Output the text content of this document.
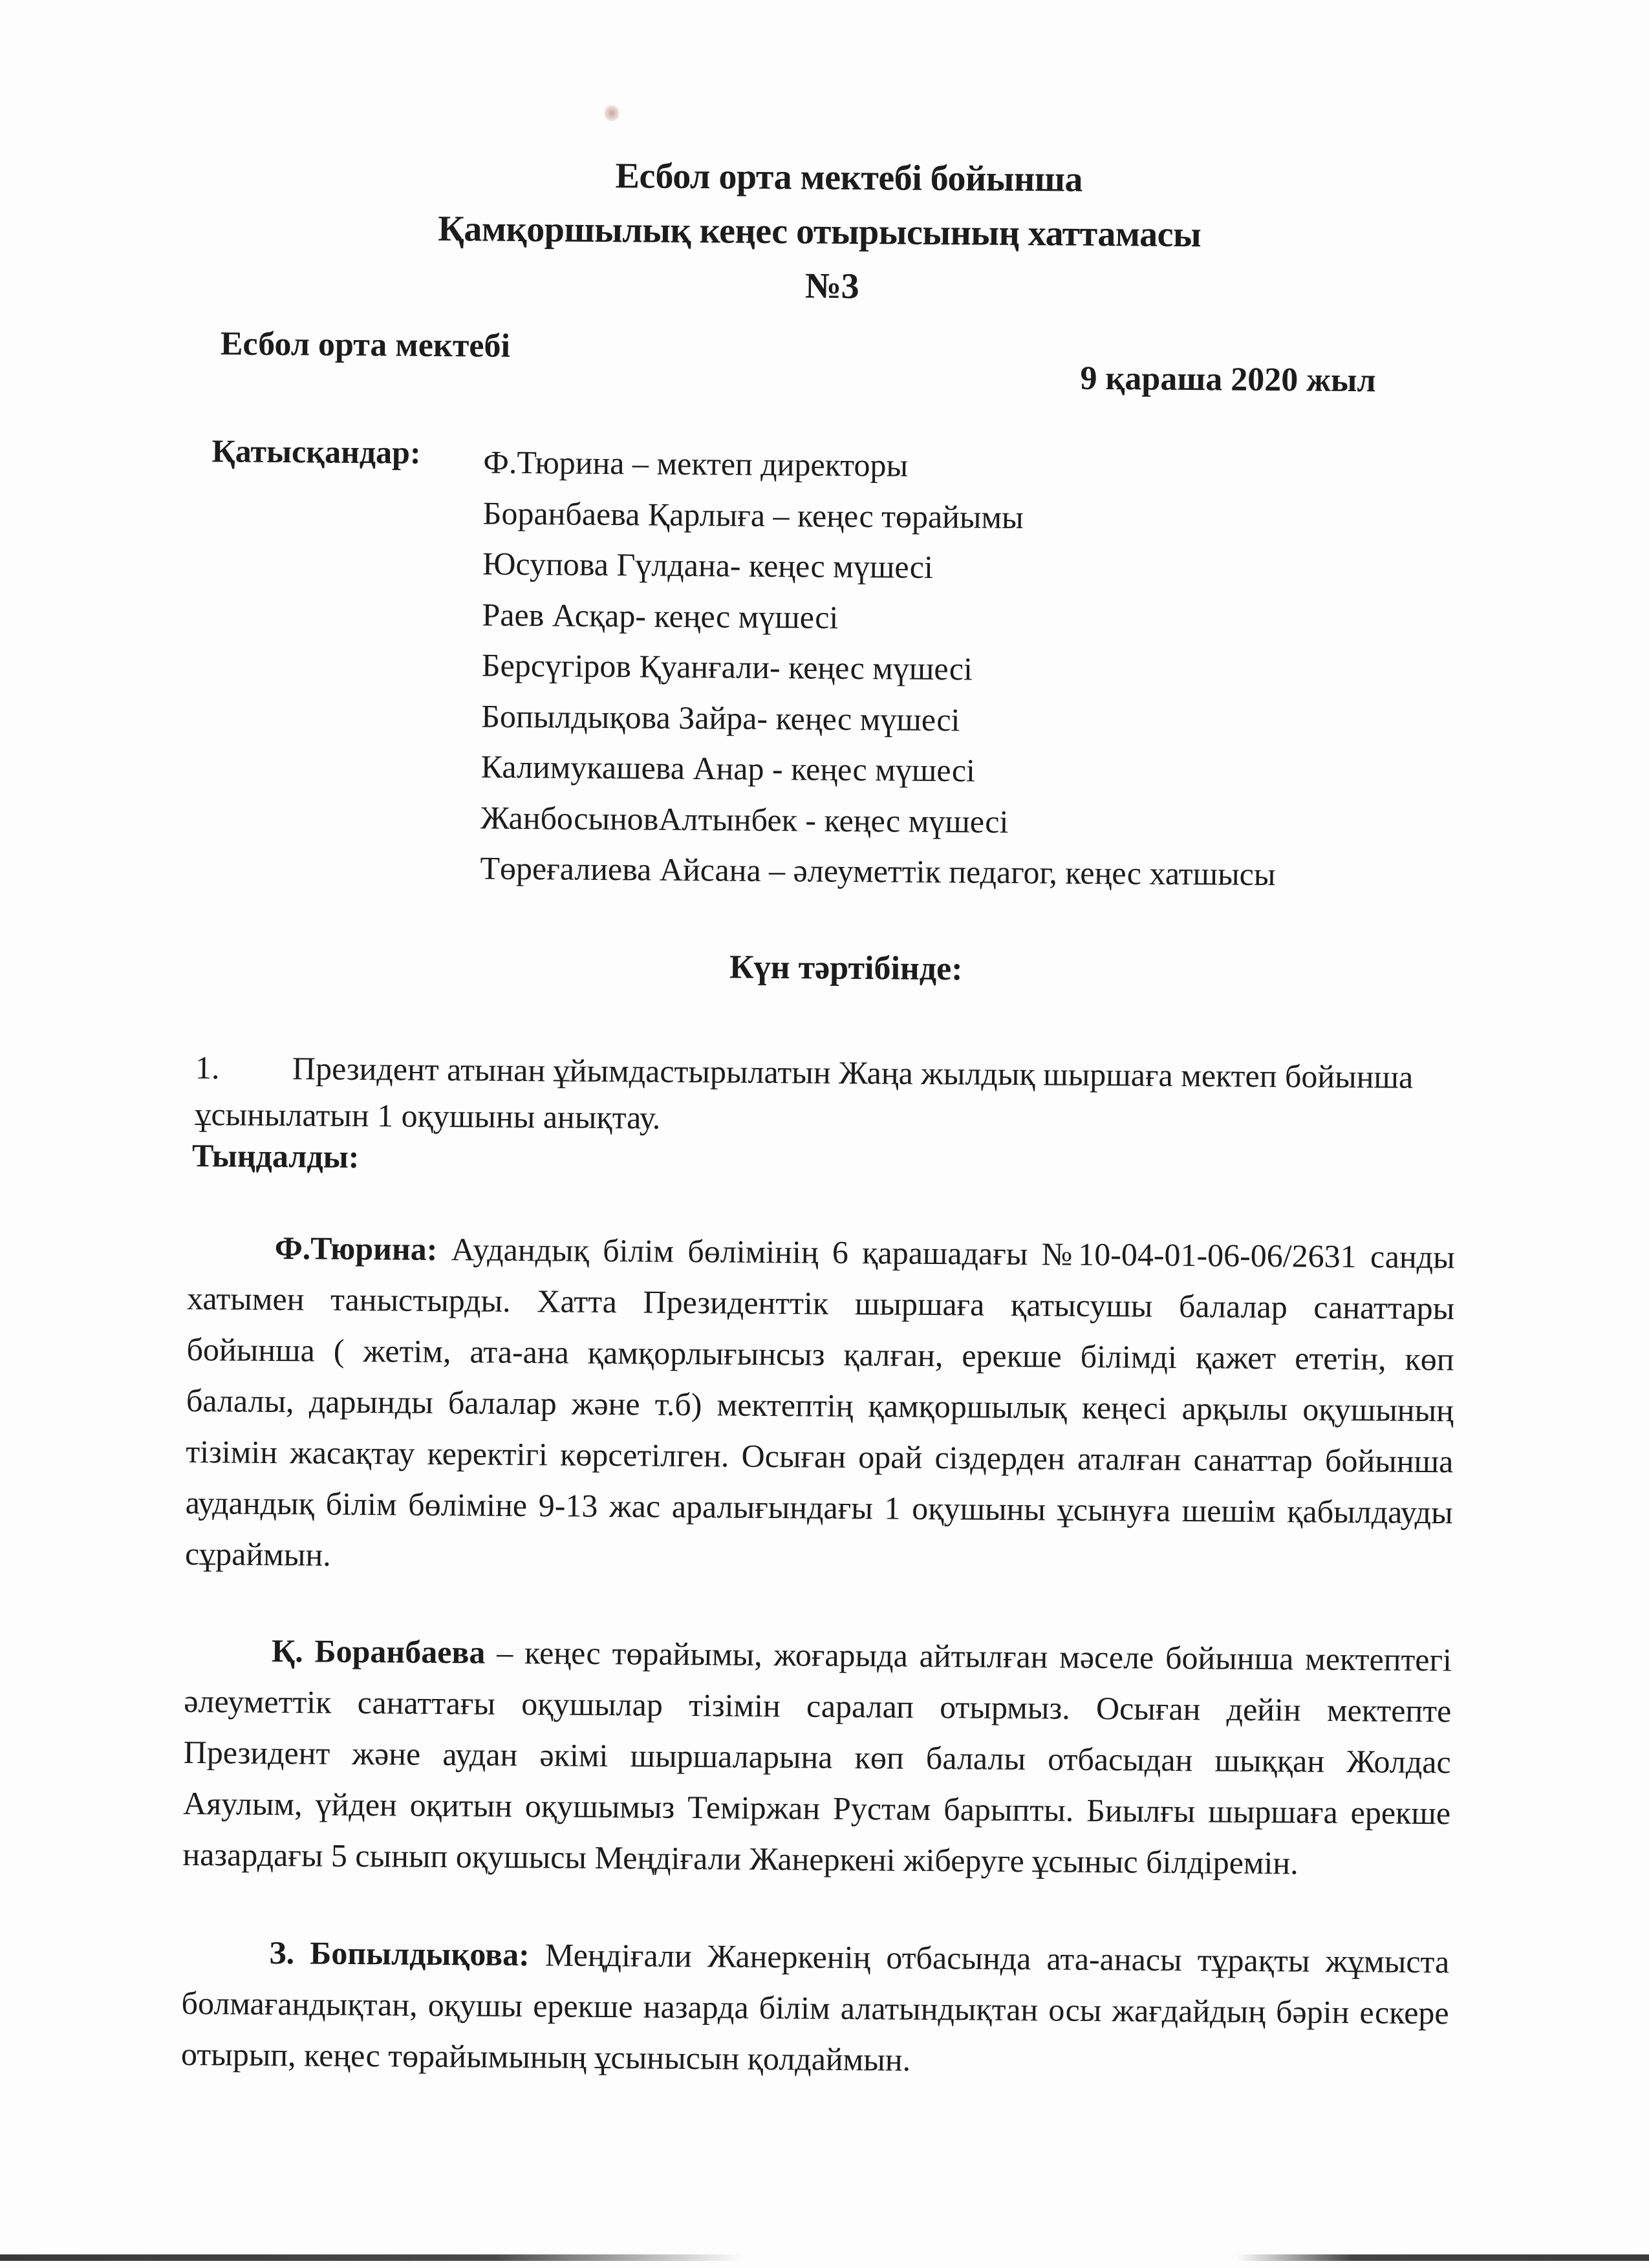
Есбол орта мектебі бойынша
Қамқоршылық кеңес отырысының хаттамасы
№3
Есбол орта мектебі
9 қараша 2020 жыл
Қатысқандар: Ф.Тюрина – мектеп директоры
Боранбаева Қарлыға – кеңес төрайымы
Юсупова Гүлдана- кеңес мүшесі
Раев Асқар- кеңес мүшесі
Берсүгіров Қуанғали- кеңес мүшесі
Бопылдықова Зайра- кеңес мүшесі
Калимукашева Анар - кеңес мүшесі
ЖанбосыновАлтынбек - кеңес мүшесі
Төреғалиева Айсана – әлеуметтік педагог, кеңес хатшысы
Күн тәртібінде:
1. Президент атынан ұйымдастырылатын Жаңа жылдық шыршаға мектеп бойынша ұсынылатын 1 оқушыны анықтау.
Тыңдалды:

Ф.Тюрина: Аудандық білім бөлімінің 6 қарашадағы №10-04-01-06-06/2631 санды хатымен таныстырды. Хатта Президенттік шыршаға қатысушы балалар санаттары бойынша ( жетім, ата-ана қамқорлығынсыз қалған, ерекше білімді қажет ететін, көп балалы, дарынды балалар және т.б) мектептің қамқоршылық кеңесі арқылы оқушының тізімін жасақтау керектігі көрсетілген. Осыған орай сіздерден аталған санаттар бойынша аудандық білім бөліміне 9-13 жас аралығындағы 1 оқушыны ұсынуға шешім қабылдауды сұраймын.

Қ. Боранбаева – кеңес төрайымы, жоғарыда айтылған мәселе бойынша мектептегі әлеуметтік санаттағы оқушылар тізімін саралап отырмыз. Осыған дейін мектепте Президент және аудан әкімі шыршаларына көп балалы отбасыдан шыққан Жолдас Аяулым, үйден оқитын оқушымыз Теміржан Рустам барыпты. Биылғы шыршаға ерекше назардағы 5 сынып оқушысы Меңдіғали Жанеркені жіберуге ұсыныс білдіремін.

З. Бопылдықова: Меңдіғали Жанеркенің отбасында ата-анасы тұрақты жұмыста болмағандықтан, оқушы ерекше назарда білім алатындықтан осы жағдайдың бәрін ескере отырып, кеңес төрайымының ұсынысын қолдаймын.
